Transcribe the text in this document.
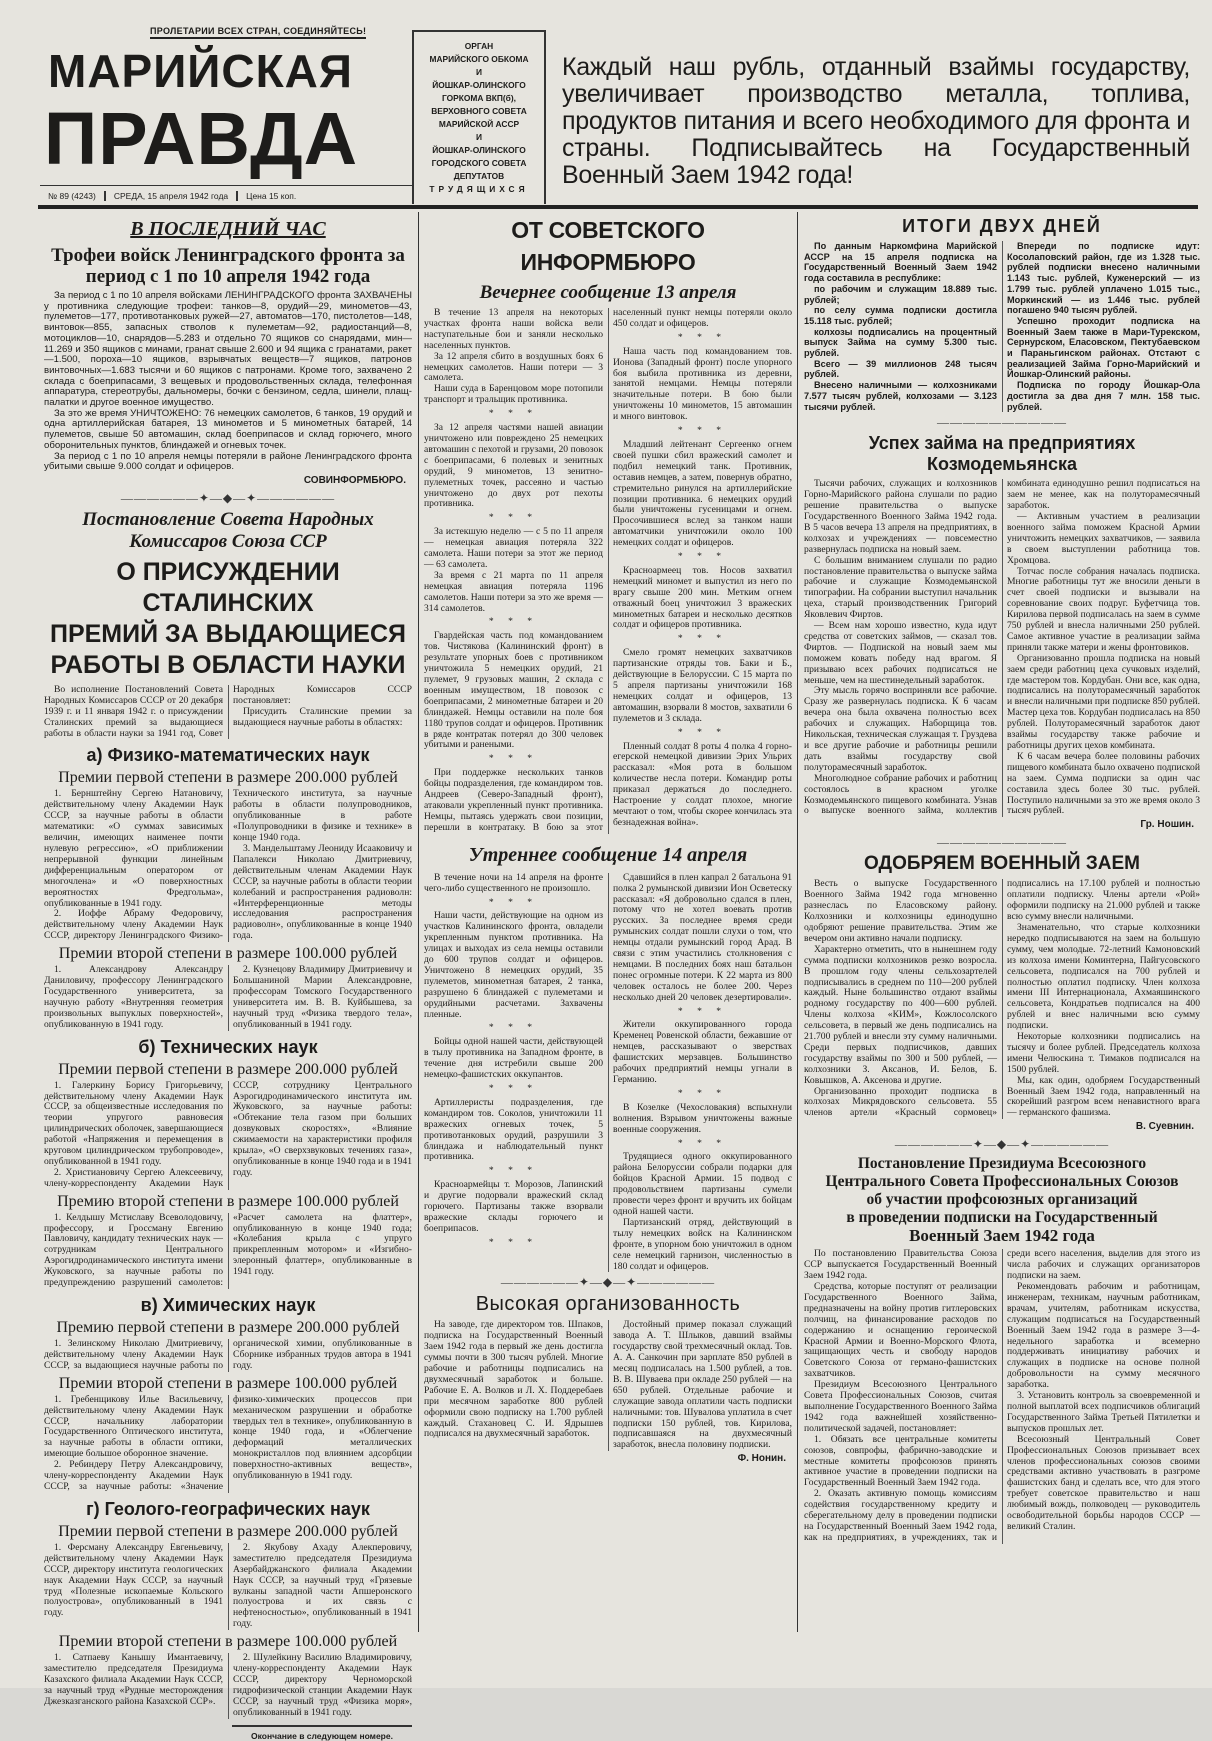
ПРОЛЕТАРИИ ВСЕХ СТРАН, СОЕДИНЯЙТЕСЬ!
МАРИЙСКАЯ
ПРАВДА
№ 89 (4243)	СРЕДА, 15 апреля 1942 года	Цена 15 коп.
ОРГАН
МАРИЙСКОГО ОБКОМА
И
ЙОШКАР-ОЛИНСКОГО
ГОРКОМА ВКП(б),
ВЕРХОВНОГО СОВЕТА
МАРИЙСКОЙ АССР
И
ЙОШКАР-ОЛИНСКОГО
ГОРОДСКОГО СОВЕТА
ДЕПУТАТОВ
ТРУДЯЩИХСЯ
Каждый наш рубль, отданный взаймы государству, увеличивает производство металла, топлива, продуктов питания и всего необходимого для фронта и страны. Подписывайтесь на Государственный Военный Заем 1942 года!
В ПОСЛЕДНИЙ ЧАС
Трофеи войск Ленинградского фронта за период с 1 по 10 апреля 1942 года

За период с 1 по 10 апреля войсками ЛЕНИНГРАДСКОГО фронта ЗАХВАЧЕНЫ у противника следующие трофеи: танков—8, орудий—29, минометов—43, пулеметов—177, противотанковых ружей—27, автоматов—170, пистолетов—148, винтовок—855, запасных стволов к пулеметам—92, радиостанций—8, мотоциклов—10, снарядов—5.283 и отдельно 70 ящиков со снарядами, мин—11.269 и 350 ящиков с минами, гранат свыше 2.600 и 94 ящика с гранатами, ракет—1.500, пороха—10 ящиков, взрывчатых веществ—7 ящиков, патронов винтовочных—1.683 тысячи и 60 ящиков с патронами. Кроме того, захвачено 2 склада с боеприпасами, 3 вещевых и продовольственных склада, телефонная аппаратура, стереотрубы, дальномеры, бочки с бензином, седла, шинели, плащ-палатки и другое военное имущество.

За это же время УНИЧТОЖЕНО: 76 немецких самолетов, 6 танков, 19 орудий и одна артиллерийская батарея, 13 минометов и 5 минометных батарей, 14 пулеметов, свыше 50 автомашин, склад боеприпасов и склад горючего, много оборонительных пунктов, блиндажей и огневых точек.

За период с 1 по 10 апреля немцы потеряли в районе Ленинградского фронта убитыми свыше 9.000 солдат и офицеров.

СОВИНФОРМБЮРО.
——————✦—◆—✦——————
Постановление Совета Народных Комиссаров Союза ССР
О ПРИСУЖДЕНИИ СТАЛИНСКИХ
ПРЕМИЙ ЗА ВЫДАЮЩИЕСЯ
РАБОТЫ В ОБЛАСТИ НАУКИ

Во исполнение Постановлений Совета Народных Комиссаров СССР от 20 декабря 1939 г. и 11 января 1942 г. о присуждении Сталинских премий за выдающиеся работы в области науки за 1941 год, Совет Народных Комиссаров СССР постановляет:

Присудить Сталинские премии за выдающиеся научные работы в областях:

а) Физико-математических наук
Премии первой степени в размере 200.000 рублей

1. Бернштейну Сергею Натановичу, действительному члену Академии Наук СССР, за научные работы в области математики: «О суммах зависимых величин, имеющих наименее почти нулевую регрессию», «О приближении непрерывной функции линейным дифференциальным оператором от многочлена» и «О поверхностных вероятностях Фредгольма», опубликованные в 1941 году.

2. Иоффе Абраму Федоровичу, действительному члену Академии Наук СССР, директору Ленинградского Физико-Технического института, за научные работы в области полупроводников, опубликованные в работе «Полупроводники в физике и технике» в конце 1940 года.

3. Мандельштаму Леониду Исааковичу и Папалекси Николаю Дмитриевичу, действительным членам Академии Наук СССР, за научные работы в области теории колебаний и распространения радиоволн: «Интерференционные методы исследования распространения радиоволн», опубликованные в конце 1940 года.

Премии второй степени в размере 100.000 рублей

1. Александрову Александру Даниловичу, профессору Ленинградского Государственного университета, за научную работу «Внутренняя геометрия произвольных выпуклых поверхностей», опубликованную в 1941 году.

2. Кузнецову Владимиру Дмитриевичу и Большаниной Марии Александровне, профессорам Томского Государственного университета им. В. В. Куйбышева, за научный труд «Физика твердого тела», опубликованный в 1941 году.

б) Технических наук
Премии первой степени в размере 200.000 рублей

1. Галеркину Борису Григорьевичу, действительному члену Академии Наук СССР, за общеизвестные исследования по теории упругого равновесия цилиндрических оболочек, завершающиеся работой «Напряжения и перемещения в круговом цилиндрическом трубопроводе», опубликованной в 1941 году.

2. Христиановичу Сергею Алексеевичу, члену-корреспонденту Академии Наук СССР, сотруднику Центрального Аэрогидродинамического института им. Жуковского, за научные работы: «Обтекание тела газом при больших дозвуковых скоростях», «Влияние сжимаемости на характеристики профиля крыла», «О сверхзвуковых течениях газа», опубликованные в конце 1940 года и в 1941 году.

Премию второй степени в размере 100.000 рублей

1. Келдышу Мстиславу Всеволодовичу, профессору, и Гроссману Евгению Павловичу, кандидату технических наук — сотрудникам Центрального Аэрогидродинамического института имени Жуковского, за научные работы по предупреждению разрушений самолетов: «Расчет самолета на флаттер», опубликованную в конце 1940 года; «Колебания крыла с упруго прикрепленным мотором» и «Изгибно-элеронный флаттер», опубликованные в 1941 году.

в) Химических наук
Премию первой степени в размере 200.000 рублей

1. Зелинскому Николаю Дмитриевичу, действительному члену Академии Наук СССР, за выдающиеся научные работы по органической химии, опубликованные в Сборнике избранных трудов автора в 1941 году.

Премии второй степени в размере 100.000 рублей

1. Гребенщикову Илье Васильевичу, действительному члену Академии Наук СССР, начальнику лаборатории Государственного Оптического института, за научные работы в области оптики, имеющие большое оборонное значение.

2. Ребиндеру Петру Александровичу, члену-корреспонденту Академии Наук СССР, за научные работы: «Значение физико-химических процессов при механическом разрушении и обработке твердых тел в технике», опубликованную в конце 1940 года, и «Облегчение деформаций металлических монокристаллов под влиянием адсорбции поверхностно-активных веществ», опубликованную в 1941 году.

г) Геолого-географических наук
Премии первой степени в размере 200.000 рублей

1. Ферсману Александру Евгеньевичу, действительному члену Академии Наук СССР, директору института геологических наук Академии Наук СССР, за научный труд «Полезные ископаемые Кольского полуострова», опубликованный в 1941 году.

2. Якубову Ахаду Алекперовичу, заместителю председателя Президиума Азербайджанского филиала Академии Наук СССР, за научный труд «Грязевые вулканы западной части Апшеронского полуострова и их связь с нефтеносностью», опубликованный в 1941 году.

Премии второй степени в размере 100.000 рублей

1. Сатпаеву Канышу Имантаевичу, заместителю председателя Президиума Казахского филиала Академии Наук СССР, за научный труд «Рудные месторождения Джезказганского района Казахской ССР».

2. Шулейкину Василию Владимировичу, члену-корреспонденту Академии Наук СССР, директору Черноморской гидрофизической станции Академии Наук СССР, за научный труд «Физика моря», опубликованный в 1941 году.

Окончание в следующем номере.
ОТ СОВЕТСКОГО ИНФОРМБЮРО
Вечернее сообщение 13 апреля

В течение 13 апреля на некоторых участках фронта наши войска вели наступательные бои и заняли несколько населенных пунктов.

За 12 апреля сбито в воздушных боях 6 немецких самолетов. Наши потери — 3 самолета.

Наши суда в Баренцовом море потопили транспорт и тральщик противника.

* * *

За 12 апреля частями нашей авиации уничтожено или повреждено 25 немецких автомашин с пехотой и грузами, 20 повозок с боеприпасами, 6 полевых и зенитных орудий, 9 минометов, 13 зенитно-пулеметных точек, рассеяно и частью уничтожено до двух рот пехоты противника.

* * *

За истекшую неделю — с 5 по 11 апреля — немецкая авиация потеряла 322 самолета. Наши потери за этот же период — 63 самолета.

За время с 21 марта по 11 апреля немецкая авиация потеряла 1196 самолетов. Наши потери за это же время — 314 самолетов.

* * *

Гвардейская часть под командованием тов. Чистякова (Калининский фронт) в результате упорных боев с противником уничтожила 5 немецких орудий, 21 пулемет, 9 грузовых машин, 2 склада с военным имуществом, 18 повозок с боеприпасами, 2 минометные батареи и 20 блиндажей. Немцы оставили на поле боя 1180 трупов солдат и офицеров. Противник в ряде контратак потерял до 300 человек убитыми и ранеными.

* * *

При поддержке нескольких танков бойцы подразделения, где командиром тов. Андреев (Северо-Западный фронт), атаковали укрепленный пункт противника. Немцы, пытаясь удержать свои позиции, перешли в контратаку. В бою за этот населенный пункт немцы потеряли около 450 солдат и офицеров.

* * *

Наша часть под командованием тов. Ионова (Западный фронт) после упорного боя выбила противника из деревни, занятой немцами. Немцы потеряли значительные потери. В бою были уничтожены 10 минометов, 15 автомашин и много винтовок.

* * *

Младший лейтенант Сергеенко огнем своей пушки сбил вражеский самолет и подбил немецкий танк. Противник, оставив немцев, а затем, повернув обратно, стремительно ринулся на артиллерийские позиции противника. 6 немецких орудий были уничтожены гусеницами и огнем. Просочившиеся вслед за танком наши автоматчики уничтожили около 100 немецких солдат и офицеров.

* * *

Красноармеец тов. Носов захватил немецкий миномет и выпустил из него по врагу свыше 200 мин. Метким огнем отважный боец уничтожил 3 вражеских минометных батареи и несколько десятков солдат и офицеров противника.

* * *

Смело громят немецких захватчиков партизанские отряды тов. Баки и Б., действующие в Белоруссии. С 15 марта по 5 апреля партизаны уничтожили 168 немецких солдат и офицеров, 13 автомашин, взорвали 8 мостов, захватили 6 пулеметов и 3 склада.

* * *

Пленный солдат 8 роты 4 полка 4 горно-егерской немецкой дивизии Эрих Ульрих рассказал: «Моя рота в большом количестве несла потери. Командир роты приказал держаться до последнего. Настроение у солдат плохое, многие мечтают о том, чтобы скорее кончилась эта безнадежная война».

Утреннее сообщение 14 апреля

В течение ночи на 14 апреля на фронте чего-либо существенного не произошло.

* * *

Наши части, действующие на одном из участков Калининского фронта, овладели укрепленным пунктом противника. На улицах и выходах из села немцы оставили до 600 трупов солдат и офицеров. Уничтожено 8 немецких орудий, 35 пулеметов, минометная батарея, 2 танка, разрушено 6 блиндажей с пулеметами и орудийными расчетами. Захвачены пленные.

* * *

Бойцы одной нашей части, действующей в тылу противника на Западном фронте, в течение дня истребили свыше 200 немецко-фашистских оккупантов.

* * *

Артиллеристы подразделения, где командиром тов. Соколов, уничтожили 11 вражеских огневых точек, 5 противотанковых орудий, разрушили 3 блиндажа и наблюдательный пункт противника.

* * *

Красноармейцы т. Морозов, Лапинский и другие подорвали вражеский склад горючего. Партизаны также взорвали вражеские склады горючего и боеприпасов.

* * *

Сдавшийся в плен капрал 2 батальона 91 полка 2 румынской дивизии Ион Осветеску рассказал: «Я добровольно сдался в плен, потому что не хотел воевать против русских. За последнее время среди румынских солдат пошли слухи о том, что немцы отдали румынский город Арад. В связи с этим участились столкновения с немцами. В последних боях наш батальон понес огромные потери. К 22 марта из 800 человек осталось не более 200. Через несколько дней 20 человек дезертировали».

* * *

Жители оккупированного города Кременец Ровенской области, бежавшие от немцев, рассказывают о зверствах фашистских мерзавцев. Большинство рабочих предприятий немцы угнали в Германию.

* * *

В Козелке (Чехословакия) вспыхнули волнения. Взрывом уничтожены важные военные сооружения.

* * *

Трудящиеся одного оккупированного района Белоруссии собрали подарки для бойцов Красной Армии. 15 подвод с продовольствием партизаны сумели провести через фронт и вручить их бойцам одной нашей части.

Партизанский отряд, действующий в тылу немецких войск на Калининском фронте, в упорном бою уничтожил в одном селе немецкий гарнизон, численностью в 180 солдат и офицеров.

——————✦—◆—✦——————
Высокая организованность

На заводе, где директором тов. Шпаков, подписка на Государственный Военный Заем 1942 года в первый же день достигла суммы почти в 300 тысяч рублей. Многие рабочие и работницы подписались на двухмесячный заработок и больше. Рабочие Е. А. Волков и Л. Х. Поддеребаев при месячном заработке 800 рублей оформили свою подписку на 1.700 рублей каждый. Стахановец С. И. Ядрышев подписался на двухмесячный заработок.

Достойный пример показал служащий завода А. Т. Шлыков, давший взаймы государству свой трехмесячный оклад. Тов. А. А. Санкочин при зарплате 850 рублей в месяц подписалась на 1.500 рублей, а тов. В. В. Шуваева при окладе 250 рублей — на 650 рублей. Отдельные рабочие и служащие завода оплатили часть подписки наличными: тов. Шувалова уплатила в счет подписки 150 рублей, тов. Кирилова, подписавшаяся на двухмесячный заработок, внесла половину подписки.

Ф. Нонин.
ИТОГИ ДВУХ ДНЕЙ

По данным Наркомфина Марийской АССР на 15 апреля подписка на Государственный Военный Заем 1942 года составила в республике:

по рабочим и служащим 18.889 тыс. рублей;

по селу сумма подписки достигла 15.118 тыс. рублей;

колхозы подписались на процентный выпуск Займа на сумму 5.300 тыс. рублей.

Всего — 39 миллионов 248 тысяч рублей.

Внесено наличными — колхозниками 7.577 тысяч рублей, колхозами — 3.123 тысячи рублей.

Впереди по подписке идут: Косолаповский район, где из 1.328 тыс. рублей подписки внесено наличными 1.143 тыс. рублей, Куженерский — из 1.799 тыс. рублей уплачено 1.015 тыс., Моркинский — из 1.446 тыс. рублей погашено 940 тысяч рублей.

Успешно проходит подписка на Военный Заем также в Мари-Турекском, Сернурском, Еласовском, Пектубаевском и Параньгинском районах. Отстают с реализацией Займа Горно-Марийский и Йошкар-Олинский районы.

Подписка по городу Йошкар-Ола достигла за два дня 7 млн. 158 тыс. рублей.

——————————
Успех займа на предприятиях Козмодемьянска

Тысячи рабочих, служащих и колхозников Горно-Марийского района слушали по радио решение правительства о выпуске Государственного Военного Займа 1942 года. В 5 часов вечера 13 апреля на предприятиях, в колхозах и учреждениях — повсеместно развернулась подписка на новый заем.

С большим вниманием слушали по радио постановление правительства о выпуске займа рабочие и служащие Козмодемьянской типографии. На собрании выступил начальник цеха, старый производственник Григорий Яковлевич Фиртов.

— Всем нам хорошо известно, куда идут средства от советских займов, — сказал тов. Фиртов. — Подпиской на новый заем мы поможем ковать победу над врагом. Я призываю всех рабочих подписаться не меньше, чем на шестинедельный заработок.

Эту мысль горячо восприняли все рабочие. Сразу же развернулась подписка. К 6 часам вечера она была охвачена полностью всех рабочих и служащих. Наборщица тов. Никольская, техническая служащая т. Груздева и все другие рабочие и работницы решили дать взаймы государству свой полуторамесячный заработок.

Многолюдное собрание рабочих и работниц состоялось в красном уголке Козмодемьянского пищевого комбината. Узнав о выпуске военного займа, коллектив комбината единодушно решил подписаться на заем не менее, как на полуторамесячный заработок.

— Активным участием в реализации военного займа поможем Красной Армии уничтожить немецких захватчиков, — заявила в своем выступлении работница тов. Хромцова.

Тотчас после собрания началась подписка. Многие работницы тут же вносили деньги в счет своей подписки и вызывали на соревнование своих подруг. Буфетчица тов. Кирилова первой подписалась на заем в сумме 750 рублей и внесла наличными 250 рублей. Самое активное участие в реализации займа приняли также матери и жены фронтовиков.

Организованно прошла подписка на новый заем среди работниц цеха сучковых изделий, где мастером тов. Кордубан. Они все, как одна, подписались на полуторамесячный заработок и внесли наличными при подписке 850 рублей. Мастер цеха тов. Кордубан подписалась на 850 рублей. Полуторамесячный заработок дают взаймы государству также рабочие и работницы других цехов комбината.

К 6 часам вечера более половины рабочих пищевого комбината было охвачено подпиской на заем. Сумма подписки за один час составила здесь более 30 тыс. рублей. Поступило наличными за это же время около 3 тысяч рублей.

Гр. Ношин.
——————————
ОДОБРЯЕМ ВОЕННЫЙ ЗАЕМ

Весть о выпуске Государственного Военного Займа 1942 года мгновенно разнеслась по Еласовскому району. Колхозники и колхозницы единодушно одобряют решение правительства. Этим же вечером они активно начали подписку.

Характерно отметить, что в нынешнем году сумма подписки колхозников резко возросла. В прошлом году члены сельхозартелей подписывались в среднем по 110—200 рублей каждый. Ныне большинство отдают взаймы родному государству по 400—600 рублей. Члены колхоза «КИМ», Кожлосолского сельсовета, в первый же день подписались на 21.700 рублей и внесли эту сумму наличными. Среди первых подписчиков, давших государству взаймы по 300 и 500 рублей, — колхозники З. Аксанов, И. Белов, Б. Ковышков, А. Аксенова и другие.

Организованно проходит подписка в колхозах Микрядовского сельсовета. 55 членов артели «Красный сормовец» подписались на 17.100 рублей и полностью оплатили подписку. Члены артели «Рой» оформили подписку на 21.000 рублей и также всю сумму внесли наличными.

Знаменательно, что старые колхозники нередко подписываются на заем на большую сумму, чем молодые. 72-летний Камоновский из колхоза имени Коминтерна, Пайгусовского сельсовета, подписался на 700 рублей и полностью оплатил подписку. Член колхоза имени III Интернационала, Ахмаяшинского сельсовета, Кондратьев подписался на 400 рублей и внес наличными всю сумму подписки.

Некоторые колхозники подписались на тысячу и более рублей. Председатель колхоза имени Челюскина т. Тимаков подписался на 1500 рублей.

Мы, как один, одобряем Государственный Военный Заем 1942 года, направленный на скорейший разгром всем ненавистного врага — германского фашизма.

В. Суевнин.
——————✦—◆—✦——————
Постановление Президиума Всесоюзного
Центрального Совета Профессиональных Союзов
об участии профсоюзных организаций
в проведении подписки на Государственный
Военный Заем 1942 года

По постановлению Правительства Союза ССР выпускается Государственный Военный Заем 1942 года.

Средства, которые поступят от реализации Государственного Военного Займа, предназначены на войну против гитлеровских полчищ, на финансирование расходов по содержанию и оснащению героической Красной Армии и Военно-Морского Флота, защищающих честь и свободу народов Советского Союза от германо-фашистских захватчиков.

Президиум Всесоюзного Центрального Совета Профессиональных Союзов, считая выполнение Государственного Военного Займа 1942 года важнейшей хозяйственно-политической задачей, постановляет:

1. Обязать все центральные комитеты союзов, совпрофы, фабрично-заводские и местные комитеты профсоюзов принять активное участие в проведении подписки на Государственный Военный Заем 1942 года.

2. Оказать активную помощь комиссиям содействия государственному кредиту и сберегательному делу в проведении подписки на Государственный Военный Заем 1942 года, как на предприятиях, в учреждениях, так и среди всего населения, выделив для этого из числа рабочих и служащих организаторов подписки на заем.

Рекомендовать рабочим и работницам, инженерам, техникам, научным работникам, врачам, учителям, работникам искусства, служащим подписаться на Государственный Военный Заем 1942 года в размере 3—4-недельного заработка и всемерно поддерживать инициативу рабочих и служащих в подписке на основе полной добровольности на сумму месячного заработка.

3. Установить контроль за своевременной и полной выплатой всех подписчиков облигаций Государственного Займа Третьей Пятилетки и выпусков прошлых лет.

Всесоюзный Центральный Совет Профессиональных Союзов призывает всех членов профессиональных союзов своими средствами активно участвовать в разгроме фашистских банд и сделать все, что для этого требует советское правительство и наш любимый вождь, полководец — руководитель освободительной борьбы народов СССР — великий Сталин.
